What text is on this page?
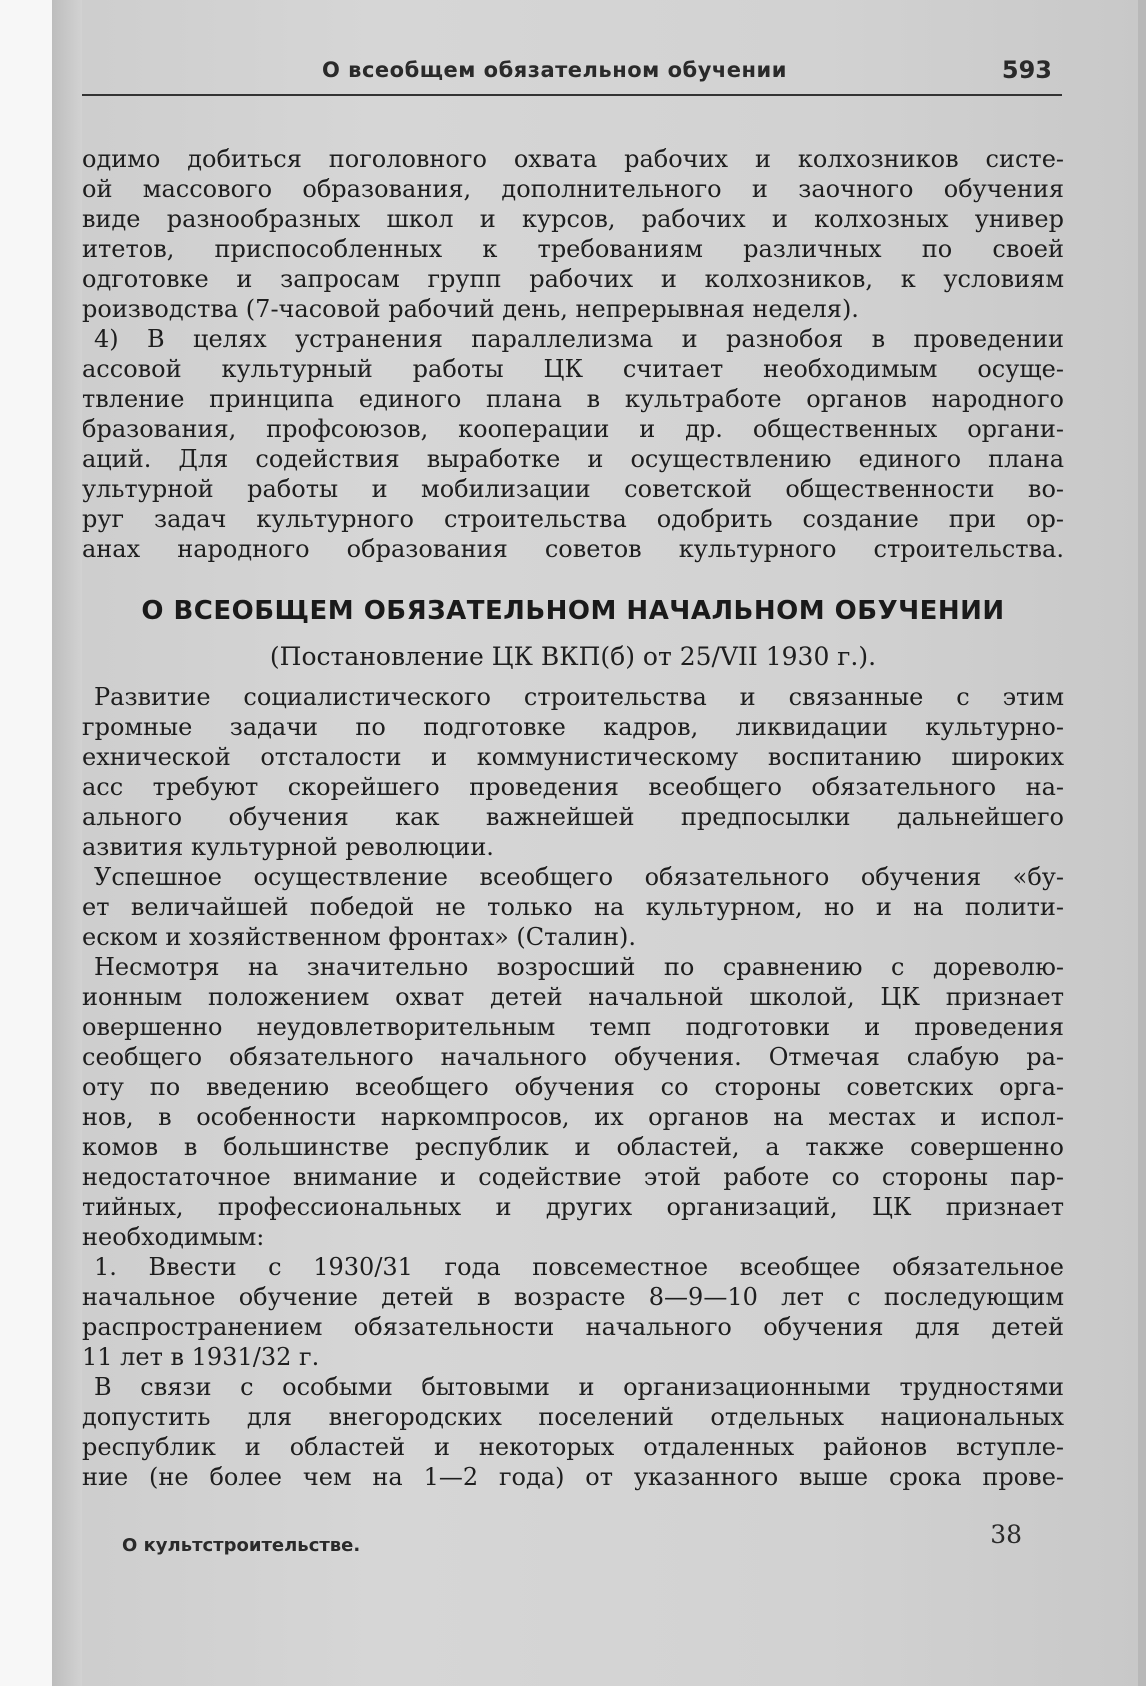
О всеобщем обязательном обучении	593
одимо добиться поголовного охвата рабочих и колхозников систе-
ой массового образования, дополнительного и заочного обучения
виде разнообразных школ и курсов, рабочих и колхозных универ
итетов, приспособленных к требованиям различных по своей
одготовке и запросам групп рабочих и колхозников, к условиям
роизводства (7-часовой рабочий день, непрерывная неделя).
4) В целях устранения параллелизма и разнобоя в проведении
ассовой культурный работы ЦК считает необходимым осуще-
твление принципа единого плана в культработе органов народного
бразования, профсоюзов, кооперации и др. общественных органи-
аций. Для содействия выработке и осуществлению единого плана
ультурной работы и мобилизации советской общественности во-
руг задач культурного строительства одобрить создание при ор-
анах народного образования советов культурного строительства.
О ВСЕОБЩЕМ ОБЯЗАТЕЛЬНОМ НАЧАЛЬНОМ ОБУЧЕНИИ
(Постановление ЦК ВКП(б) от 25/VII 1930 г.).
Развитие социалистического строительства и связанные с этим
громные задачи по подготовке кадров, ликвидации культурно-
ехнической отсталости и коммунистическому воспитанию широких
асс требуют скорейшего проведения всеобщего обязательного на-
ального обучения как важнейшей предпосылки дальнейшего
азвития культурной революции.
Успешное осуществление всеобщего обязательного обучения «бу-
ет величайшей победой не только на культурном, но и на полити-
еском и хозяйственном фронтах» (Сталин).
Несмотря на значительно возросший по сравнению с дореволю-
ионным положением охват детей начальной школой, ЦК признает
овершенно неудовлетворительным темп подготовки и проведения
сеобщего обязательного начального обучения. Отмечая слабую ра-
оту по введению всеобщего обучения со стороны советских орга-
нов, в особенности наркомпросов, их органов на местах и испол-
комов в большинстве республик и областей, а также совершенно
недостаточное внимание и содействие этой работе со стороны пар-
тийных, профессиональных и других организаций, ЦК признает
необходимым:
1. Ввести с 1930/31 года повсеместное всеобщее обязательное
начальное обучение детей в возрасте 8—9—10 лет с последующим
распространением обязательности начального обучения для детей
11 лет в 1931/32 г.
В связи с особыми бытовыми и организационными трудностями
допустить для внегородских поселений отдельных национальных
республик и областей и некоторых отдаленных районов вступле-
ние (не более чем на 1—2 года) от указанного выше срока прове-
О культстроительстве.	38
